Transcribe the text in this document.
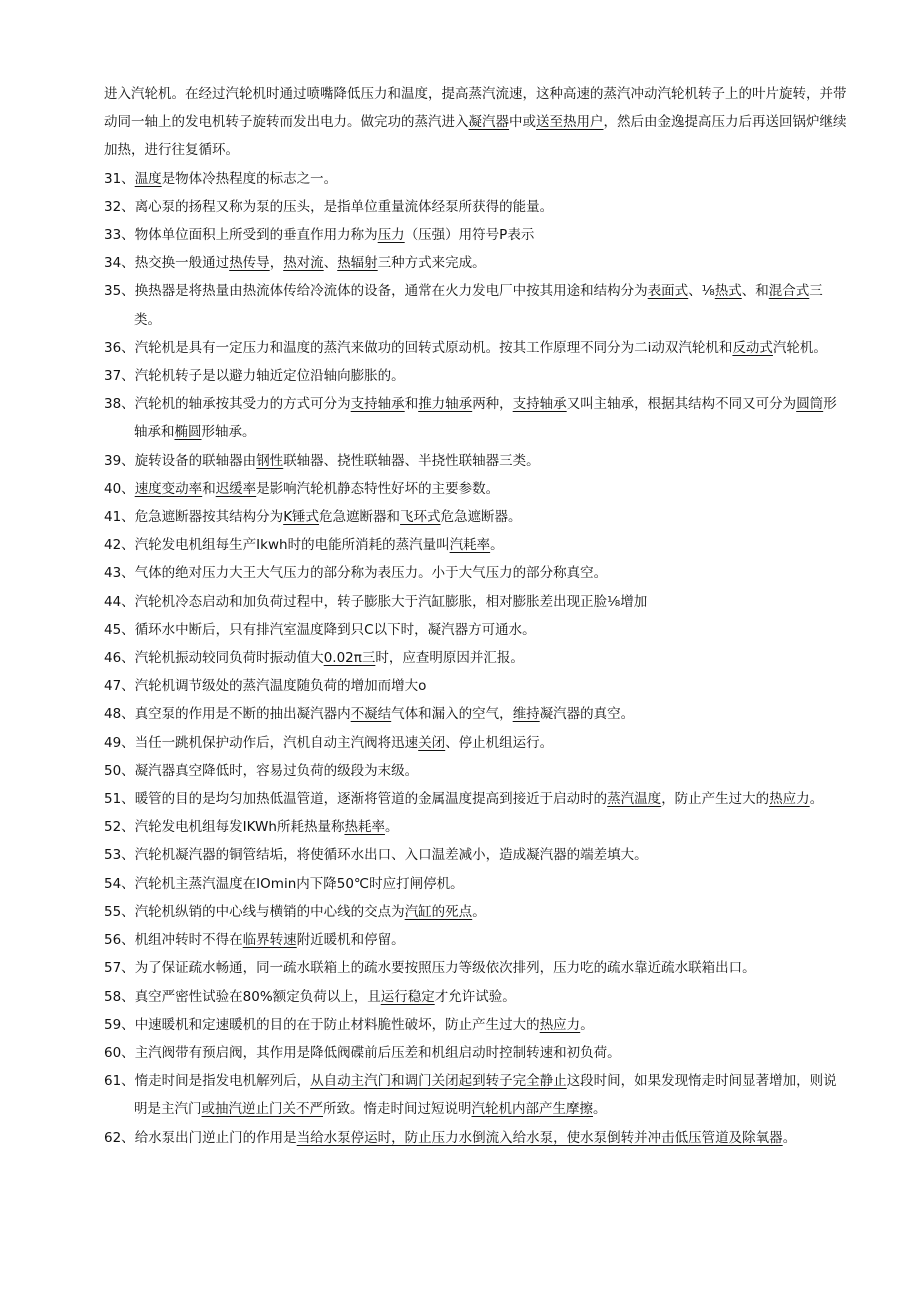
进入汽轮机。在经过汽轮机时通过喷嘴降低压力和温度，提高蒸汽流速，这种高速的蒸汽冲动汽轮机转子上的叶片旋转，并带动同一轴上的发电机转子旋转而发出电力。做完功的蒸汽进入凝汽器中或送至热用户，然后由金逸提高压力后再送回锅炉继续加热，进行往复循环。

31、温度是物体冷热程度的标志之一。

32、离心泵的扬程又称为泵的压头，是指单位重量流体经泵所获得的能量。

33、物体单位面积上所受到的垂直作用力称为压力（压强）用符号P表示

34、热交换一般通过热传导，热对流、热辐射三种方式来完成。

35、换热器是将热量由热流体传给冷流体的设备，通常在火力发电厂中按其用途和结构分为表面式、⅛热式、和混合式三类。

36、汽轮机是具有一定压力和温度的蒸汽来做功的回转式原动机。按其工作原理不同分为二i动双汽轮机和反动式汽轮机。

37、汽轮机转子是以避力轴近定位沿轴向膨胀的。

38、汽轮机的轴承按其受力的方式可分为支持轴承和推力轴承两种，支持轴承又叫主轴承，根据其结构不同又可分为圆筒形轴承和椭圆形轴承。

39、旋转设备的联轴器由钢性联轴器、挠性联轴器、半挠性联轴器三类。

40、速度变动率和迟缓率是影响汽轮机静态特性好坏的主要参数。

41、危急遮断器按其结构分为K锤式危急遮断器和飞环式危急遮断器。

42、汽轮发电机组每生产Ikwh时的电能所消耗的蒸汽量叫汽耗率。

43、气体的绝对压力大王大气压力的部分称为表压力。小于大气压力的部分称真空。

44、汽轮机冷态启动和加负荷过程中，转子膨胀大于汽缸膨胀，相对膨胀差出现正脸⅛增加

45、循环水中断后，只有排汽室温度降到只C以下时，凝汽器方可通水。

46、汽轮机振动较同负荷时振动值大0.02π三时，应查明原因并汇报。

47、汽轮机调节级处的蒸汽温度随负荷的增加而增大o

48、真空泵的作用是不断的抽出凝汽器内不凝结气体和漏入的空气，维持凝汽器的真空。

49、当任一跳机保护动作后，汽机自动主汽阀将迅速关闭、停止机组运行。

50、凝汽器真空降低时，容易过负荷的级段为末级。

51、暖管的目的是均匀加热低温管道，逐渐将管道的金属温度提高到接近于启动时的蒸汽温度，防止产生过大的热应力。

52、汽轮发电机组每发IKWh所耗热量称热耗率。

53、汽轮机凝汽器的铜管结垢，将使循环水出口、入口温差减小，造成凝汽器的端差填大。

54、汽轮机主蒸汽温度在IOmin内下降50℃时应打闸停机。

55、汽轮机纵销的中心线与横销的中心线的交点为汽缸的死点。

56、机组冲转时不得在临界转速附近暖机和停留。

57、为了保证疏水畅通，同一疏水联箱上的疏水要按照压力等级依次排列，压力吃的疏水靠近疏水联箱出口。

58、真空严密性试验在80%额定负荷以上，且运行稳定才允许试验。

59、中速暖机和定速暖机的目的在于防止材料脆性破坏，防止产生过大的热应力。

60、主汽阀带有预启阀，其作用是降低阀碟前后压差和机组启动时控制转速和初负荷。

61、惰走时间是指发电机解列后，从自动主汽门和调门关闭起到转子完全静止这段时间，如果发现惰走时间显著增加，则说明是主汽门或抽汽逆止门关不严所致。惰走时间过短说明汽轮机内部产生摩擦。

62、给水泵出门逆止门的作用是当给水泵停运时，防止压力水倒流入给水泵，使水泵倒转并冲击低压管道及除氧器。
